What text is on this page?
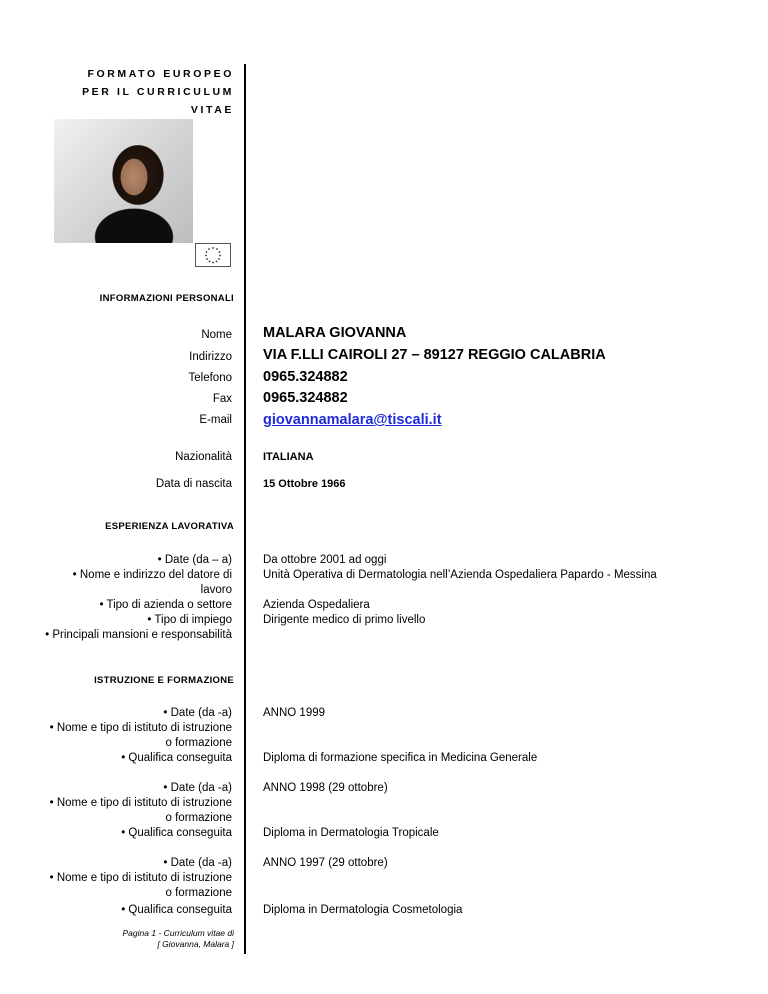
FORMATO EUROPEO
PER IL CURRICULUM
VITAE
INFORMAZIONI PERSONALI
Nome MALARA GIOVANNA
Indirizzo VIA F.LLI CAIROLI 27 – 89127 REGGIO CALABRIA
Telefono 0965.324882
Fax 0965.324882
E-mail giovannamalara@tiscali.it
Nazionalità	ITALIANA
Data di nascita	15 Ottobre 1966
ESPERIENZA LAVORATIVA
• Date (da – a)
• Nome e indirizzo del datore di
lavoro
• Tipo di azienda o settore
• Tipo di impiego
• Principali mansioni e responsabilità
Da ottobre 2001 ad oggi
Unità Operativa di Dermatologia nell’Azienda Ospedaliera Papardo - Messina
Azienda Ospedaliera
Dirigente medico di primo livello
ISTRUZIONE E FORMAZIONE
• Date (da -a)
• Nome e tipo di istituto di istruzione
o formazione
• Qualifica conseguita
ANNO 1999
Diploma di formazione specifica in Medicina Generale
• Date (da -a)
• Nome e tipo di istituto di istruzione
o formazione
• Qualifica conseguita
ANNO 1998 (29 ottobre)
Diploma in Dermatologia Tropicale
• Date (da -a)
• Nome e tipo di istituto di istruzione
o formazione
• Qualifica conseguita
ANNO 1997 (29 ottobre)
Diploma in Dermatologia Cosmetologia
Pagina 1 - Curriculum vitae di
[ Giovanna, Malara ]
